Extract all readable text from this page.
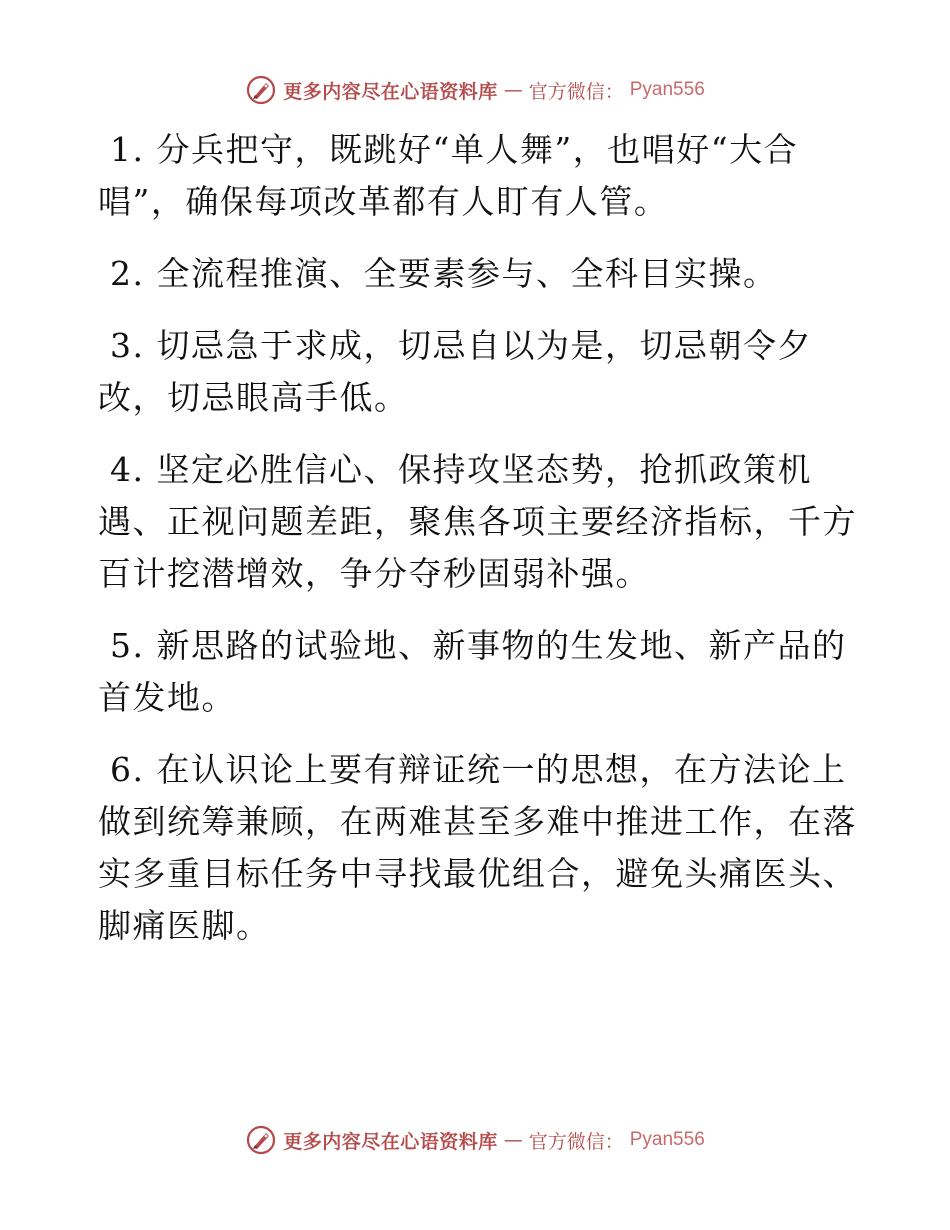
更多内容尽在心语资料库 — 官方微信： Pyan556

1. 分兵把守，既跳好“单人舞”，也唱好“大合唱”，确保每项改革都有人盯有人管。

2. 全流程推演、全要素参与、全科目实操。

3. 切忌急于求成，切忌自以为是，切忌朝令夕改，切忌眼高手低。

4. 坚定必胜信心、保持攻坚态势，抢抓政策机遇、正视问题差距，聚焦各项主要经济指标，千方百计挖潜增效，争分夺秒固弱补强。

5. 新思路的试验地、新事物的生发地、新产品的首发地。

6. 在认识论上要有辩证统一的思想，在方法论上做到统筹兼顾，在两难甚至多难中推进工作，在落实多重目标任务中寻找最优组合，避免头痛医头、脚痛医脚。

更多内容尽在心语资料库 — 官方微信： Pyan556
